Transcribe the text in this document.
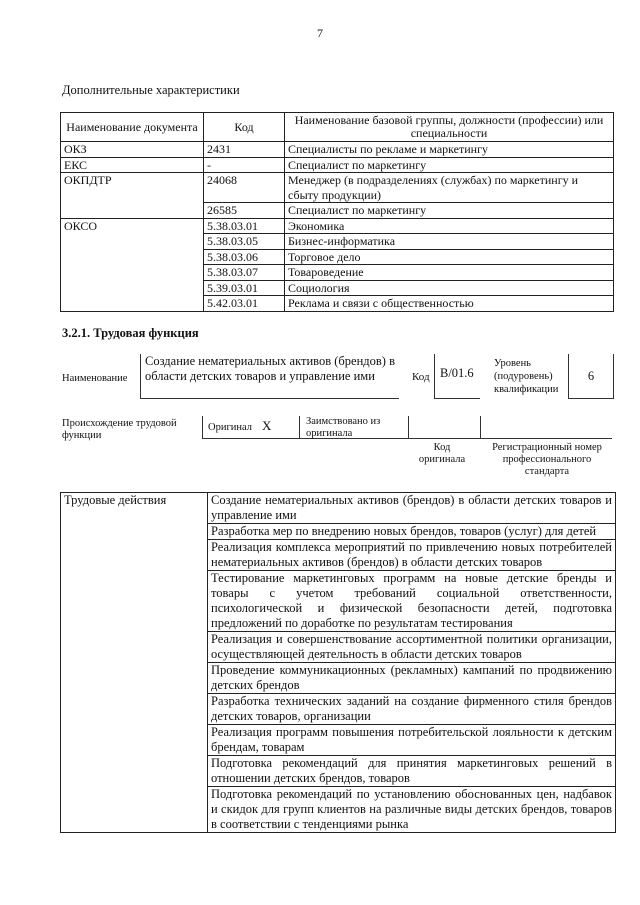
7
Дополнительные характеристики
Наименование документа	Код	Наименование базовой группы, должности (профессии) или специальности
ОКЗ	2431	Специалисты по рекламе и маркетингу
ЕКС	-	Специалист по маркетингу
ОКПДТР	24068	Менеджер (в подразделениях (службах) по маркетингу и сбыту продукции)
	26585	Специалист по маркетингу
ОКСО	5.38.03.01	Экономика
	5.38.03.05	Бизнес-информатика
	5.38.03.06	Торговое дело
	5.38.03.07	Товароведение
	5.39.03.01	Социология
	5.42.03.01	Реклама и связи с общественностью
3.2.1. Трудовая функция
Наименование
Создание нематериальных активов (брендов) в области детских товаров и управление ими	Код B/01.6
Уровень (подуровень) квалификации
6
Происхождение трудовой функции
Оригинал X	Заимствовано из оригинала
Код оригинала
Регистрационный номер профессионального стандарта
Трудовые действия	Создание нематериальных активов (брендов) в области детских товаров и управление ими
Разработка мер по внедрению новых брендов, товаров (услуг) для детей
Реализация комплекса мероприятий по привлечению новых потребителей нематериальных активов (брендов) в области детских товаров
Тестирование маркетинговых программ на новые детские бренды и товары с учетом требований социальной ответственности, психологической и физической безопасности детей, подготовка предложений по доработке по результатам тестирования
Реализация и совершенствование ассортиментной политики организации, осуществляющей деятельность в области детских товаров
Проведение коммуникационных (рекламных) кампаний по продвижению детских брендов
Разработка технических заданий на создание фирменного стиля брендов детских товаров, организации
Реализация программ повышения потребительской лояльности к детским брендам, товарам
Подготовка рекомендаций для принятия маркетинговых решений в отношении детских брендов, товаров
Подготовка рекомендаций по установлению обоснованных цен, надбавок и скидок для групп клиентов на различные виды детских брендов, товаров в соответствии с тенденциями рынка
